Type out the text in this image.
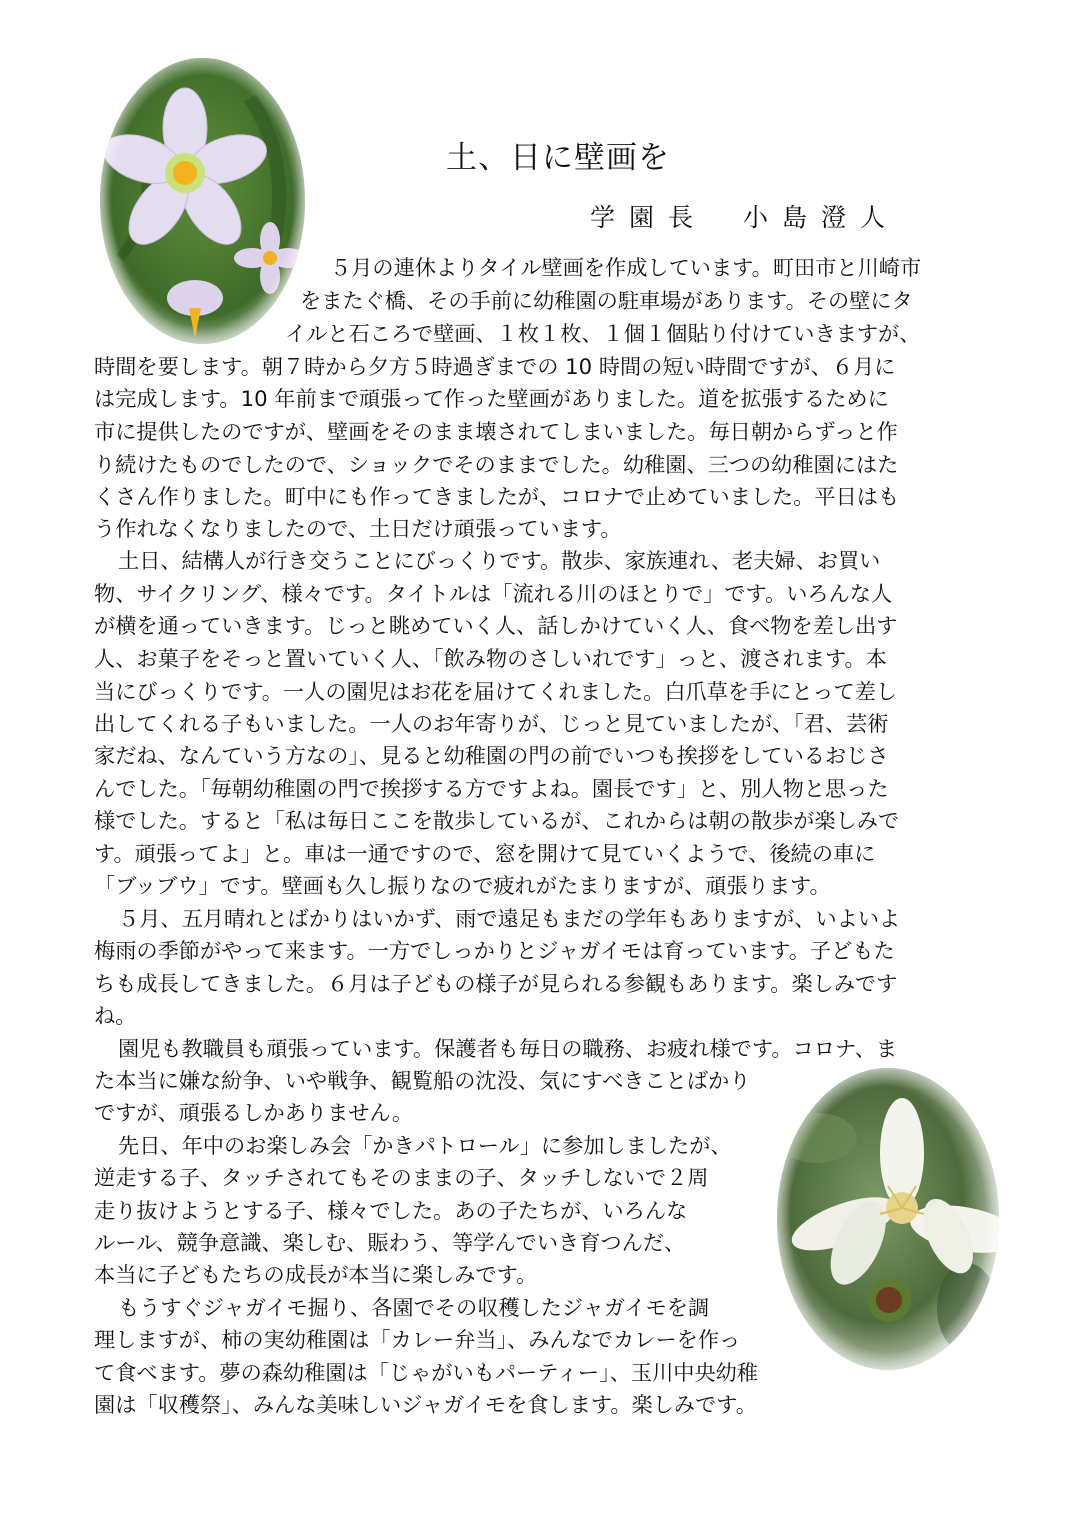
土、日に壁画を
学園長 小島澄人
５月の連休よりタイル壁画を作成しています。町田市と川崎市
をまたぐ橋、その手前に幼稚園の駐車場があります。その壁にタ
イルと石ころで壁画、１枚１枚、１個１個貼り付けていきますが、
時間を要します。朝７時から夕方５時過ぎまでの 10 時間の短い時間ですが、６月に
は完成します。10 年前まで頑張って作った壁画がありました。道を拡張するために
市に提供したのですが、壁画をそのまま壊されてしまいました。毎日朝からずっと作
り続けたものでしたので、ショックでそのままでした。幼稚園、三つの幼稚園にはた
くさん作りました。町中にも作ってきましたが、コロナで止めていました。平日はも
う作れなくなりましたので、土日だけ頑張っています。
土日、結構人が行き交うことにびっくりです。散歩、家族連れ、老夫婦、お買い
物、サイクリング、様々です。タイトルは「流れる川のほとりで」です。いろんな人
が横を通っていきます。じっと眺めていく人、話しかけていく人、食べ物を差し出す
人、お菓子をそっと置いていく人、「飲み物のさしいれです」っと、渡されます。本
当にびっくりです。一人の園児はお花を届けてくれました。白爪草を手にとって差し
出してくれる子もいました。一人のお年寄りが、じっと見ていましたが、「君、芸術
家だね、なんていう方なの」、見ると幼稚園の門の前でいつも挨拶をしているおじさ
んでした。「毎朝幼稚園の門で挨拶する方ですよね。園長です」と、別人物と思った
様でした。すると「私は毎日ここを散歩しているが、これからは朝の散歩が楽しみで
す。頑張ってよ」と。車は一通ですので、窓を開けて見ていくようで、後続の車に
「ブッブウ」です。壁画も久し振りなので疲れがたまりますが、頑張ります。
５月、五月晴れとばかりはいかず、雨で遠足もまだの学年もありますが、いよいよ
梅雨の季節がやって来ます。一方でしっかりとジャガイモは育っています。子どもた
ちも成長してきました。６月は子どもの様子が見られる参観もあります。楽しみです
ね。
園児も教職員も頑張っています。保護者も毎日の職務、お疲れ様です。コロナ、ま
た本当に嫌な紛争、いや戦争、観覧船の沈没、気にすべきことばかり
ですが、頑張るしかありません。
先日、年中のお楽しみ会「かきパトロール」に参加しましたが、
逆走する子、タッチされてもそのままの子、タッチしないで２周
走り抜けようとする子、様々でした。あの子たちが、いろんな
ルール、競争意識、楽しむ、賑わう、等学んでいき育つんだ、
本当に子どもたちの成長が本当に楽しみです。
もうすぐジャガイモ掘り、各園でその収穫したジャガイモを調
理しますが、柿の実幼稚園は「カレー弁当」、みんなでカレーを作っ
て食べます。夢の森幼稚園は「じゃがいもパーティー」、玉川中央幼稚
園は「収穫祭」、みんな美味しいジャガイモを食します。楽しみです。
